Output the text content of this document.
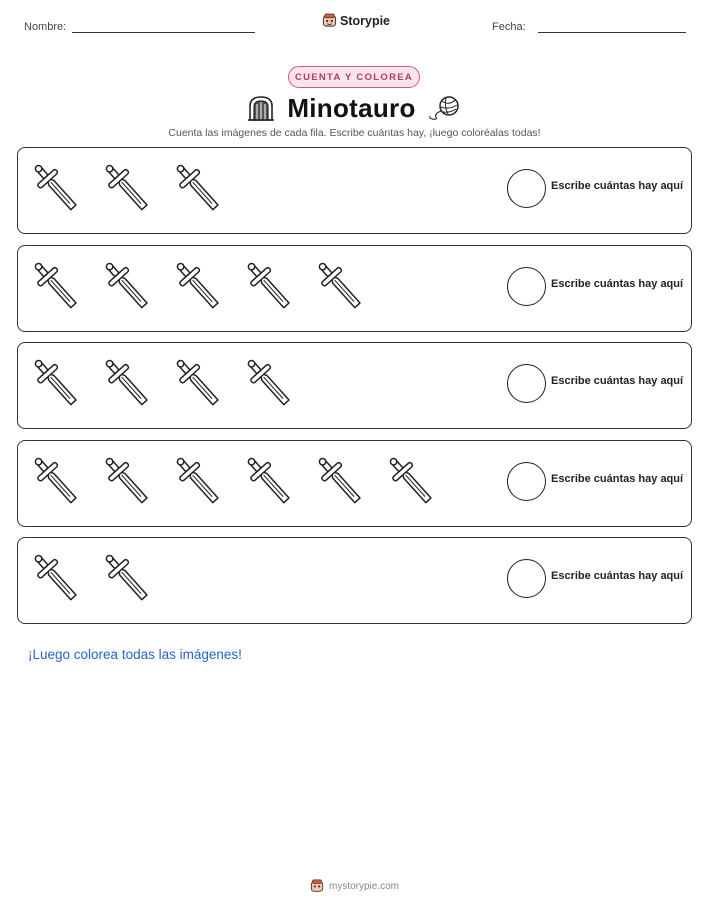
Nombre:	Storypie	Fecha:
CUENTA Y COLOREA
Minotauro
Cuenta las imágenes de cada fila. Escribe cuántas hay, ¡luego coloréalas todas!
Escribe cuántas hay aquí
Escribe cuántas hay aquí
Escribe cuántas hay aquí
Escribe cuántas hay aquí
Escribe cuántas hay aquí
¡Luego colorea todas las imágenes!
mystorypie.com
